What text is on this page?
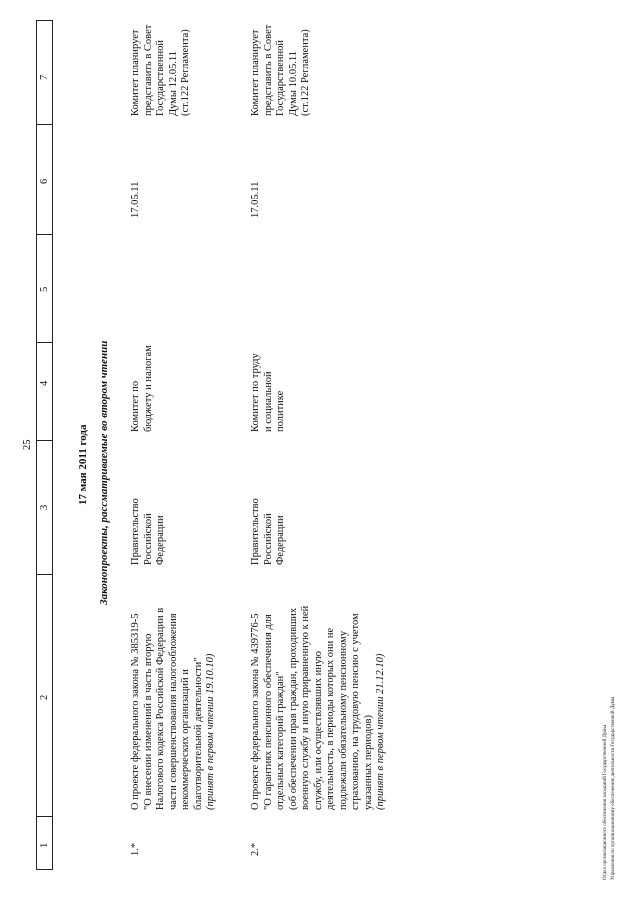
25
7
6
5
4
3
2
1
17 мая 2011 года Законопроекты, рассматриваемые во втором чтении
1.*
О проекте федерального закона № 385319-5 "О внесении изменений в часть вторую Налогового кодекса Российской Федерации в части совершенствования налогообложения некоммерческих организаций и благотворительной деятельности" (принят в первом чтении 19.10.10)
Правительство Российской Федерации
Комитет по бюджету и налогам
17.05.11
Комитет планирует представить в Совет Государственной Думы 12.05.11 (ст.122 Регламента)
2.*
О проекте федерального закона № 439776-5 "О гарантиях пенсионного обеспечения для отдельных категорий граждан" (об обеспечении прав граждан, проходивших военную службу и иную приравненную к ней службу, или осуществлявших иную деятельность, в периоды которых они не подлежали обязательному пенсионному страхованию, на трудовую пенсию с учетом указанных периодов) (принят в первом чтении 21.12.10)
Правительство Российской Федерации
Комитет по труду и социальной политике
17.05.11
Комитет планирует представить в Совет Государственной Думы 10.05.11 (ст.122 Регламента)
Отдел организационного обеспечения заседаний Государственной Думы Управления по организационному обеспечению деятельности Государственной Думы
